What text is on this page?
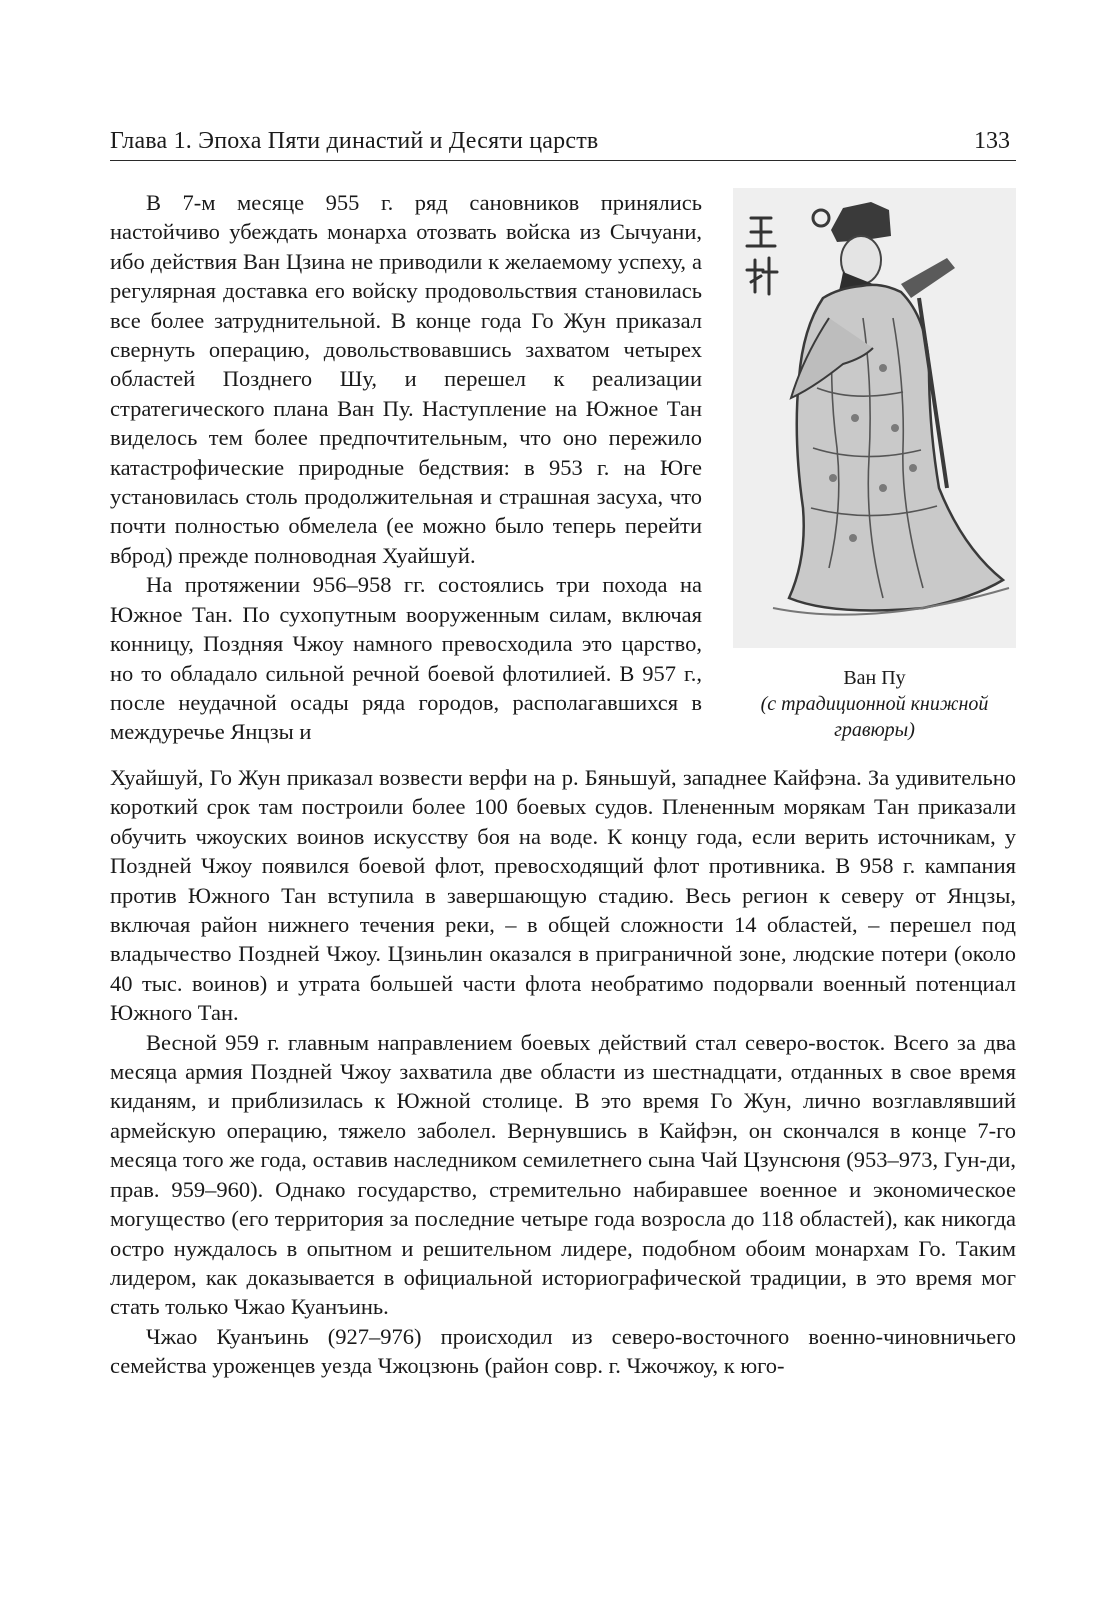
Глава 1. Эпоха Пяти династий и Десяти царств	133
Ван Пу
(с традиционной книжной гравюры)

В 7-м месяце 955 г. ряд сановников принялись настойчиво убеждать монарха отозвать войска из Сычуани, ибо действия Ван Цзина не приводили к желаемому успеху, а регулярная доставка его войску продовольствия становилась все более затруднительной. В конце года Го Жун приказал свернуть операцию, довольствовавшись захватом четырех областей Позднего Шу, и перешел к реализации стратегического плана Ван Пу. Наступление на Южное Тан виделось тем более предпочтительным, что оно пережило катастрофические природные бедствия: в 953 г. на Юге установилась столь продолжительная и страшная засуха, что почти полностью обмелела (ее можно было теперь перейти вброд) прежде полноводная Хуайшуй.

На протяжении 956–958 гг. состоялись три похода на Южное Тан. По сухопутным вооруженным силам, включая конницу, Поздняя Чжоу намного превосходила это царство, но то обладало сильной речной боевой флотилией. В 957 г., после неудачной осады ряда городов, располагавшихся в междуречье Янцзы и

Хуайшуй, Го Жун приказал возвести верфи на р. Бяньшуй, западнее Кайфэна. За удивительно короткий срок там построили более 100 боевых судов. Плененным морякам Тан приказали обучить чжоуских воинов искусству боя на воде. К концу года, если верить источникам, у Поздней Чжоу появился боевой флот, превосходящий флот противника. В 958 г. кампания против Южного Тан вступила в завершающую стадию. Весь регион к северу от Янцзы, включая район нижнего течения реки, – в общей сложности 14 областей, – перешел под владычество Поздней Чжоу. Цзиньлин оказался в приграничной зоне, людские потери (около 40 тыс. воинов) и утрата большей части флота необратимо подорвали военный потенциал Южного Тан.

Весной 959 г. главным направлением боевых действий стал северо-восток. Всего за два месяца армия Поздней Чжоу захватила две области из шестнадцати, отданных в свое время киданям, и приблизилась к Южной столице. В это время Го Жун, лично возглавлявший армейскую операцию, тяжело заболел. Вернувшись в Кайфэн, он скончался в конце 7-го месяца того же года, оставив наследником семилетнего сына Чай Цзунсюня (953–973, Гун-ди, прав. 959–960). Однако государство, стремительно набиравшее военное и экономическое могущество (его территория за последние четыре года возросла до 118 областей), как никогда остро нуждалось в опытном и решительном лидере, подобном обоим монархам Го. Таким лидером, как доказывается в официальной историографической традиции, в это время мог стать только Чжао Куанъинь.

Чжао Куанъинь (927–976) происходил из северо-восточного военно-чиновничьего семейства уроженцев уезда Чжоцзюнь (район совр. г. Чжочжоу, к юго-
